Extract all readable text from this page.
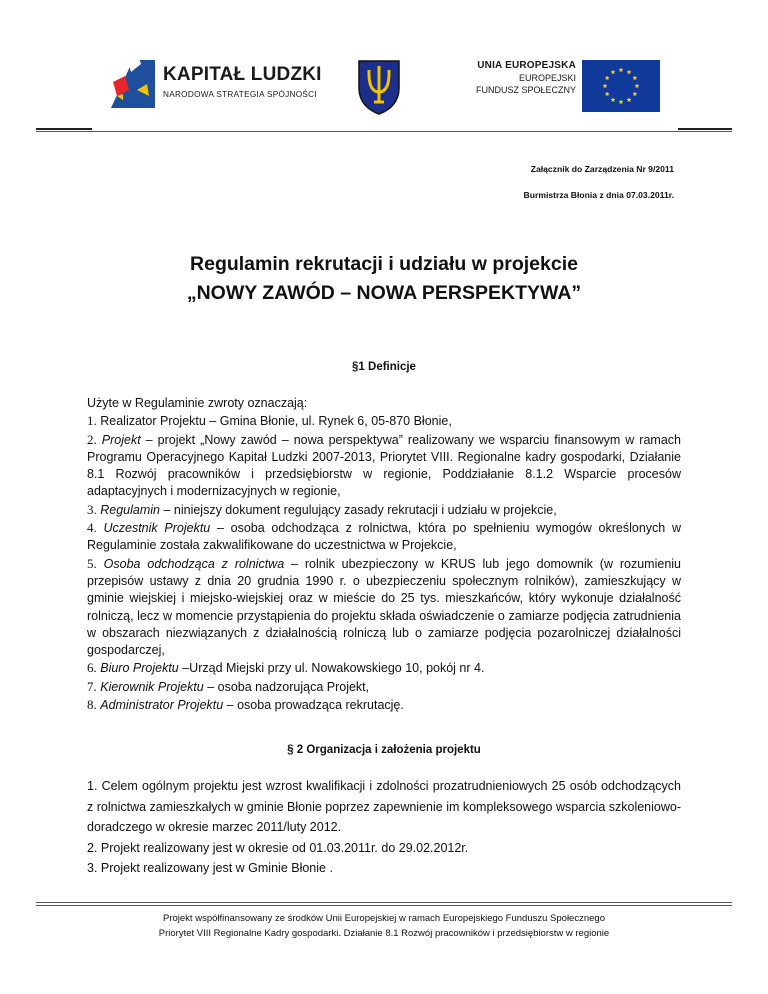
KAPITAŁ LUDZKI
NARODOWA STRATEGIA SPÓJNOŚCI
UNIA EUROPEJSKA
EUROPEJSKI
FUNDUSZ SPOŁECZNY
Załącznik do Zarządzenia Nr 9/2011
Burmistrza Błonia z dnia 07.03.2011r.
Regulamin rekrutacji i udziału w projekcie
„NOWY ZAWÓD – NOWA PERSPEKTYWA”
§1 Definicje

Użyte w Regulaminie zwroty oznaczają:

1. Realizator Projektu – Gmina Błonie, ul. Rynek 6, 05-870 Błonie,

2. Projekt – projekt „Nowy zawód – nowa perspektywa” realizowany we wsparciu finansowym w ramach Programu Operacyjnego Kapitał Ludzki 2007-2013, Priorytet VIII. Regionalne kadry gospodarki, Działanie 8.1 Rozwój pracowników i przedsiębiorstw w regionie, Poddziałanie 8.1.2 Wsparcie procesów adaptacyjnych i modernizacyjnych w regionie,

3. Regulamin – niniejszy dokument regulujący zasady rekrutacji i udziału w projekcie,

4. Uczestnik Projektu – osoba odchodząca z rolnictwa, która po spełnieniu wymogów określonych w Regulaminie została zakwalifikowane do uczestnictwa w Projekcie,

5. Osoba odchodząca z rolnictwa – rolnik ubezpieczony w KRUS lub jego domownik (w rozumieniu przepisów ustawy z dnia 20 grudnia 1990 r. o ubezpieczeniu społecznym rolników), zamieszkujący w gminie wiejskiej i miejsko-wiejskiej oraz w mieście do 25 tys. mieszkańców, który wykonuje działalność rolniczą, lecz w momencie przystąpienia do projektu składa oświadczenie o zamiarze podjęcia zatrudnienia w obszarach niezwiązanych z działalnością rolniczą lub o zamiarze podjęcia pozarolniczej działalności gospodarczej,

6. Biuro Projektu –Urząd Miejski przy ul. Nowakowskiego 10, pokój nr 4.

7. Kierownik Projektu – osoba nadzorująca Projekt,

8. Administrator Projektu – osoba prowadząca rekrutację.

§ 2 Organizacja i założenia projektu

1. Celem ogólnym projektu jest wzrost kwalifikacji i zdolności prozatrudnieniowych 25 osób odchodzących z rolnictwa zamieszkałych w gminie Błonie poprzez zapewnienie im kompleksowego wsparcia szkoleniowo-doradczego w okresie marzec 2011/luty 2012.

2. Projekt realizowany jest w okresie od 01.03.2011r. do 29.02.2012r.

3. Projekt realizowany jest w Gminie Błonie .

Projekt współfinansowany ze środków Unii Europejskiej w ramach Europejskiego Funduszu Społecznego
Priorytet VIII Regionalne Kadry gospodarki. Działanie 8.1 Rozwój pracowników i przedsiębiorstw w regionie
